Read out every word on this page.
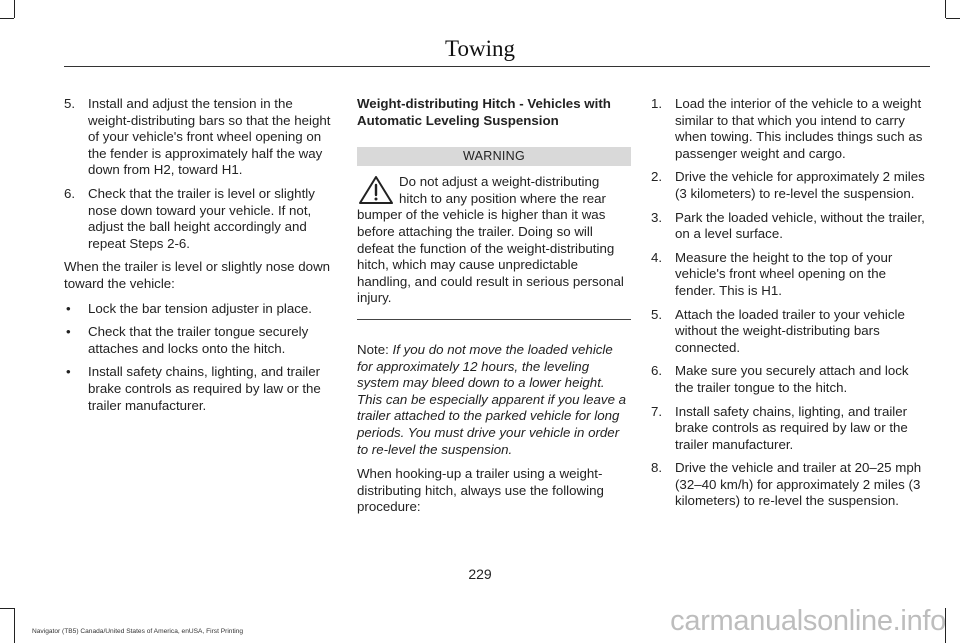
Towing
5. Install and adjust the tension in the weight-distributing bars so that the height of your vehicle's front wheel opening on the fender is approximately half the way down from H2, toward H1.
6. Check that the trailer is level or slightly nose down toward your vehicle. If not, adjust the ball height accordingly and repeat Steps 2-6.

When the trailer is level or slightly nose down toward the vehicle:

•	Lock the bar tension adjuster in place.
•	Check that the trailer tongue securely attaches and locks onto the hitch.
•	Install safety chains, lighting, and trailer brake controls as required by law or the trailer manufacturer.
Weight-distributing Hitch - Vehicles with Automatic Leveling Suspension
WARNING
Do not adjust a weight-distributing hitch to any position where the rear bumper of the vehicle is higher than it was before attaching the trailer. Doing so will defeat the function of the weight-distributing hitch, which may cause unpredictable handling, and could result in serious personal injury.

Note: If you do not move the loaded vehicle for approximately 12 hours, the leveling system may bleed down to a lower height. This can be especially apparent if you leave a trailer attached to the parked vehicle for long periods. You must drive your vehicle in order to re-level the suspension.

When hooking-up a trailer using a weight-distributing hitch, always use the following procedure:

1. Load the interior of the vehicle to a weight similar to that which you intend to carry when towing. This includes things such as passenger weight and cargo.
2. Drive the vehicle for approximately 2 miles (3 kilometers) to re-level the suspension.
3. Park the loaded vehicle, without the trailer, on a level surface.
4. Measure the height to the top of your vehicle's front wheel opening on the fender. This is H1.
5. Attach the loaded trailer to your vehicle without the weight-distributing bars connected.
6. Make sure you securely attach and lock the trailer tongue to the hitch.
7. Install safety chains, lighting, and trailer brake controls as required by law or the trailer manufacturer.
8. Drive the vehicle and trailer at 20–25 mph (32–40 km/h) for approximately 2 miles (3 kilometers) to re-level the suspension.
229
Navigator (TB5) Canada/United States of America, enUSA, First Printing	carmanualsonline.info
